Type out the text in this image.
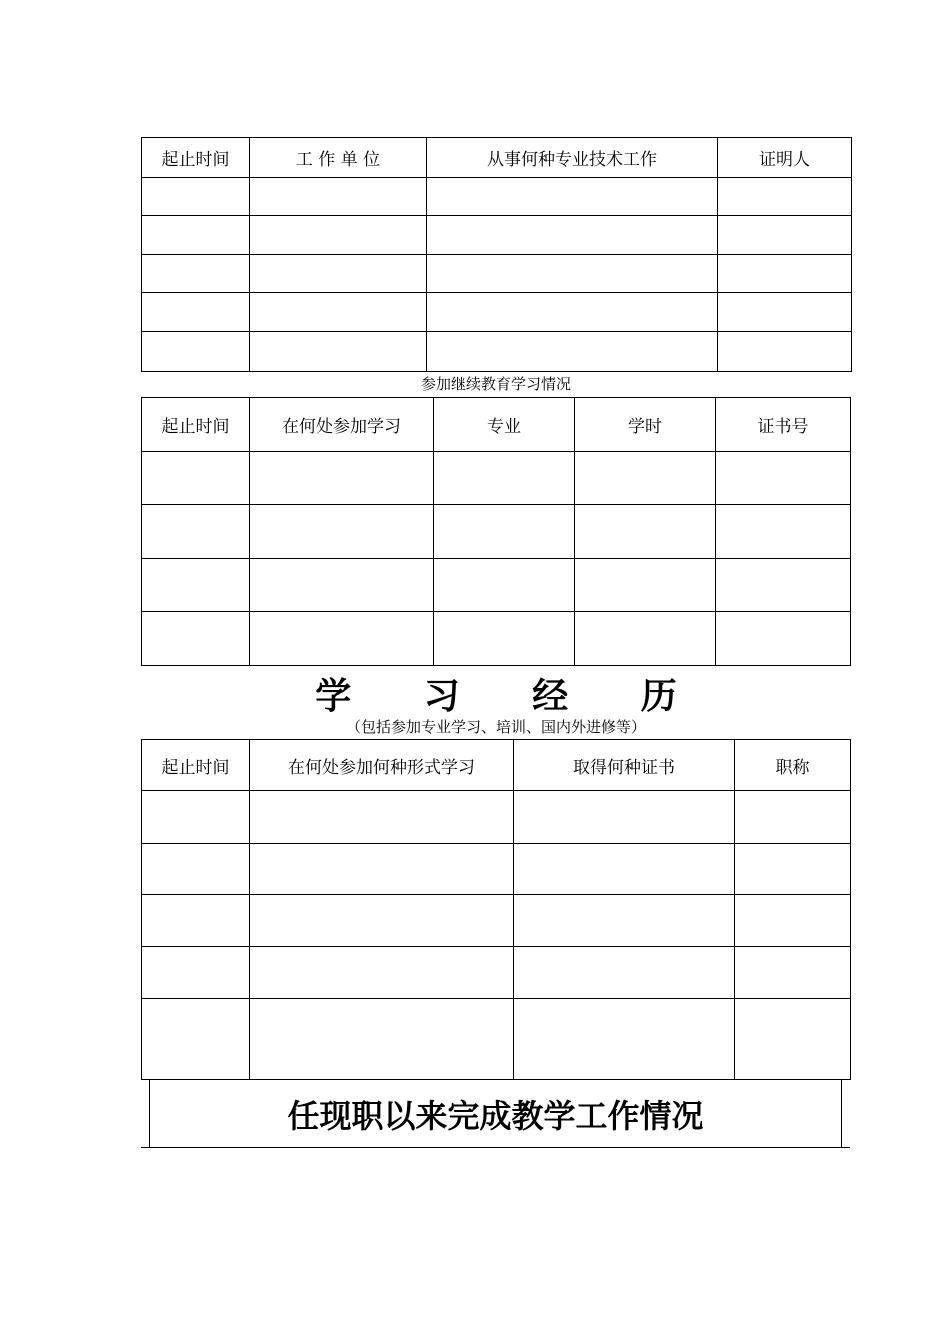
起止时间	工 作 单 位	从事何种专业技术工作	证明人

参加继续教育学习情况
起止时间	在何处参加学习	专业	学时	证书号

学 习 经 历
（包括参加专业学习、培训、国内外进修等）
起止时间	在何处参加何种形式学习	取得何种证书	职称

任现职以来完成教学工作情况
